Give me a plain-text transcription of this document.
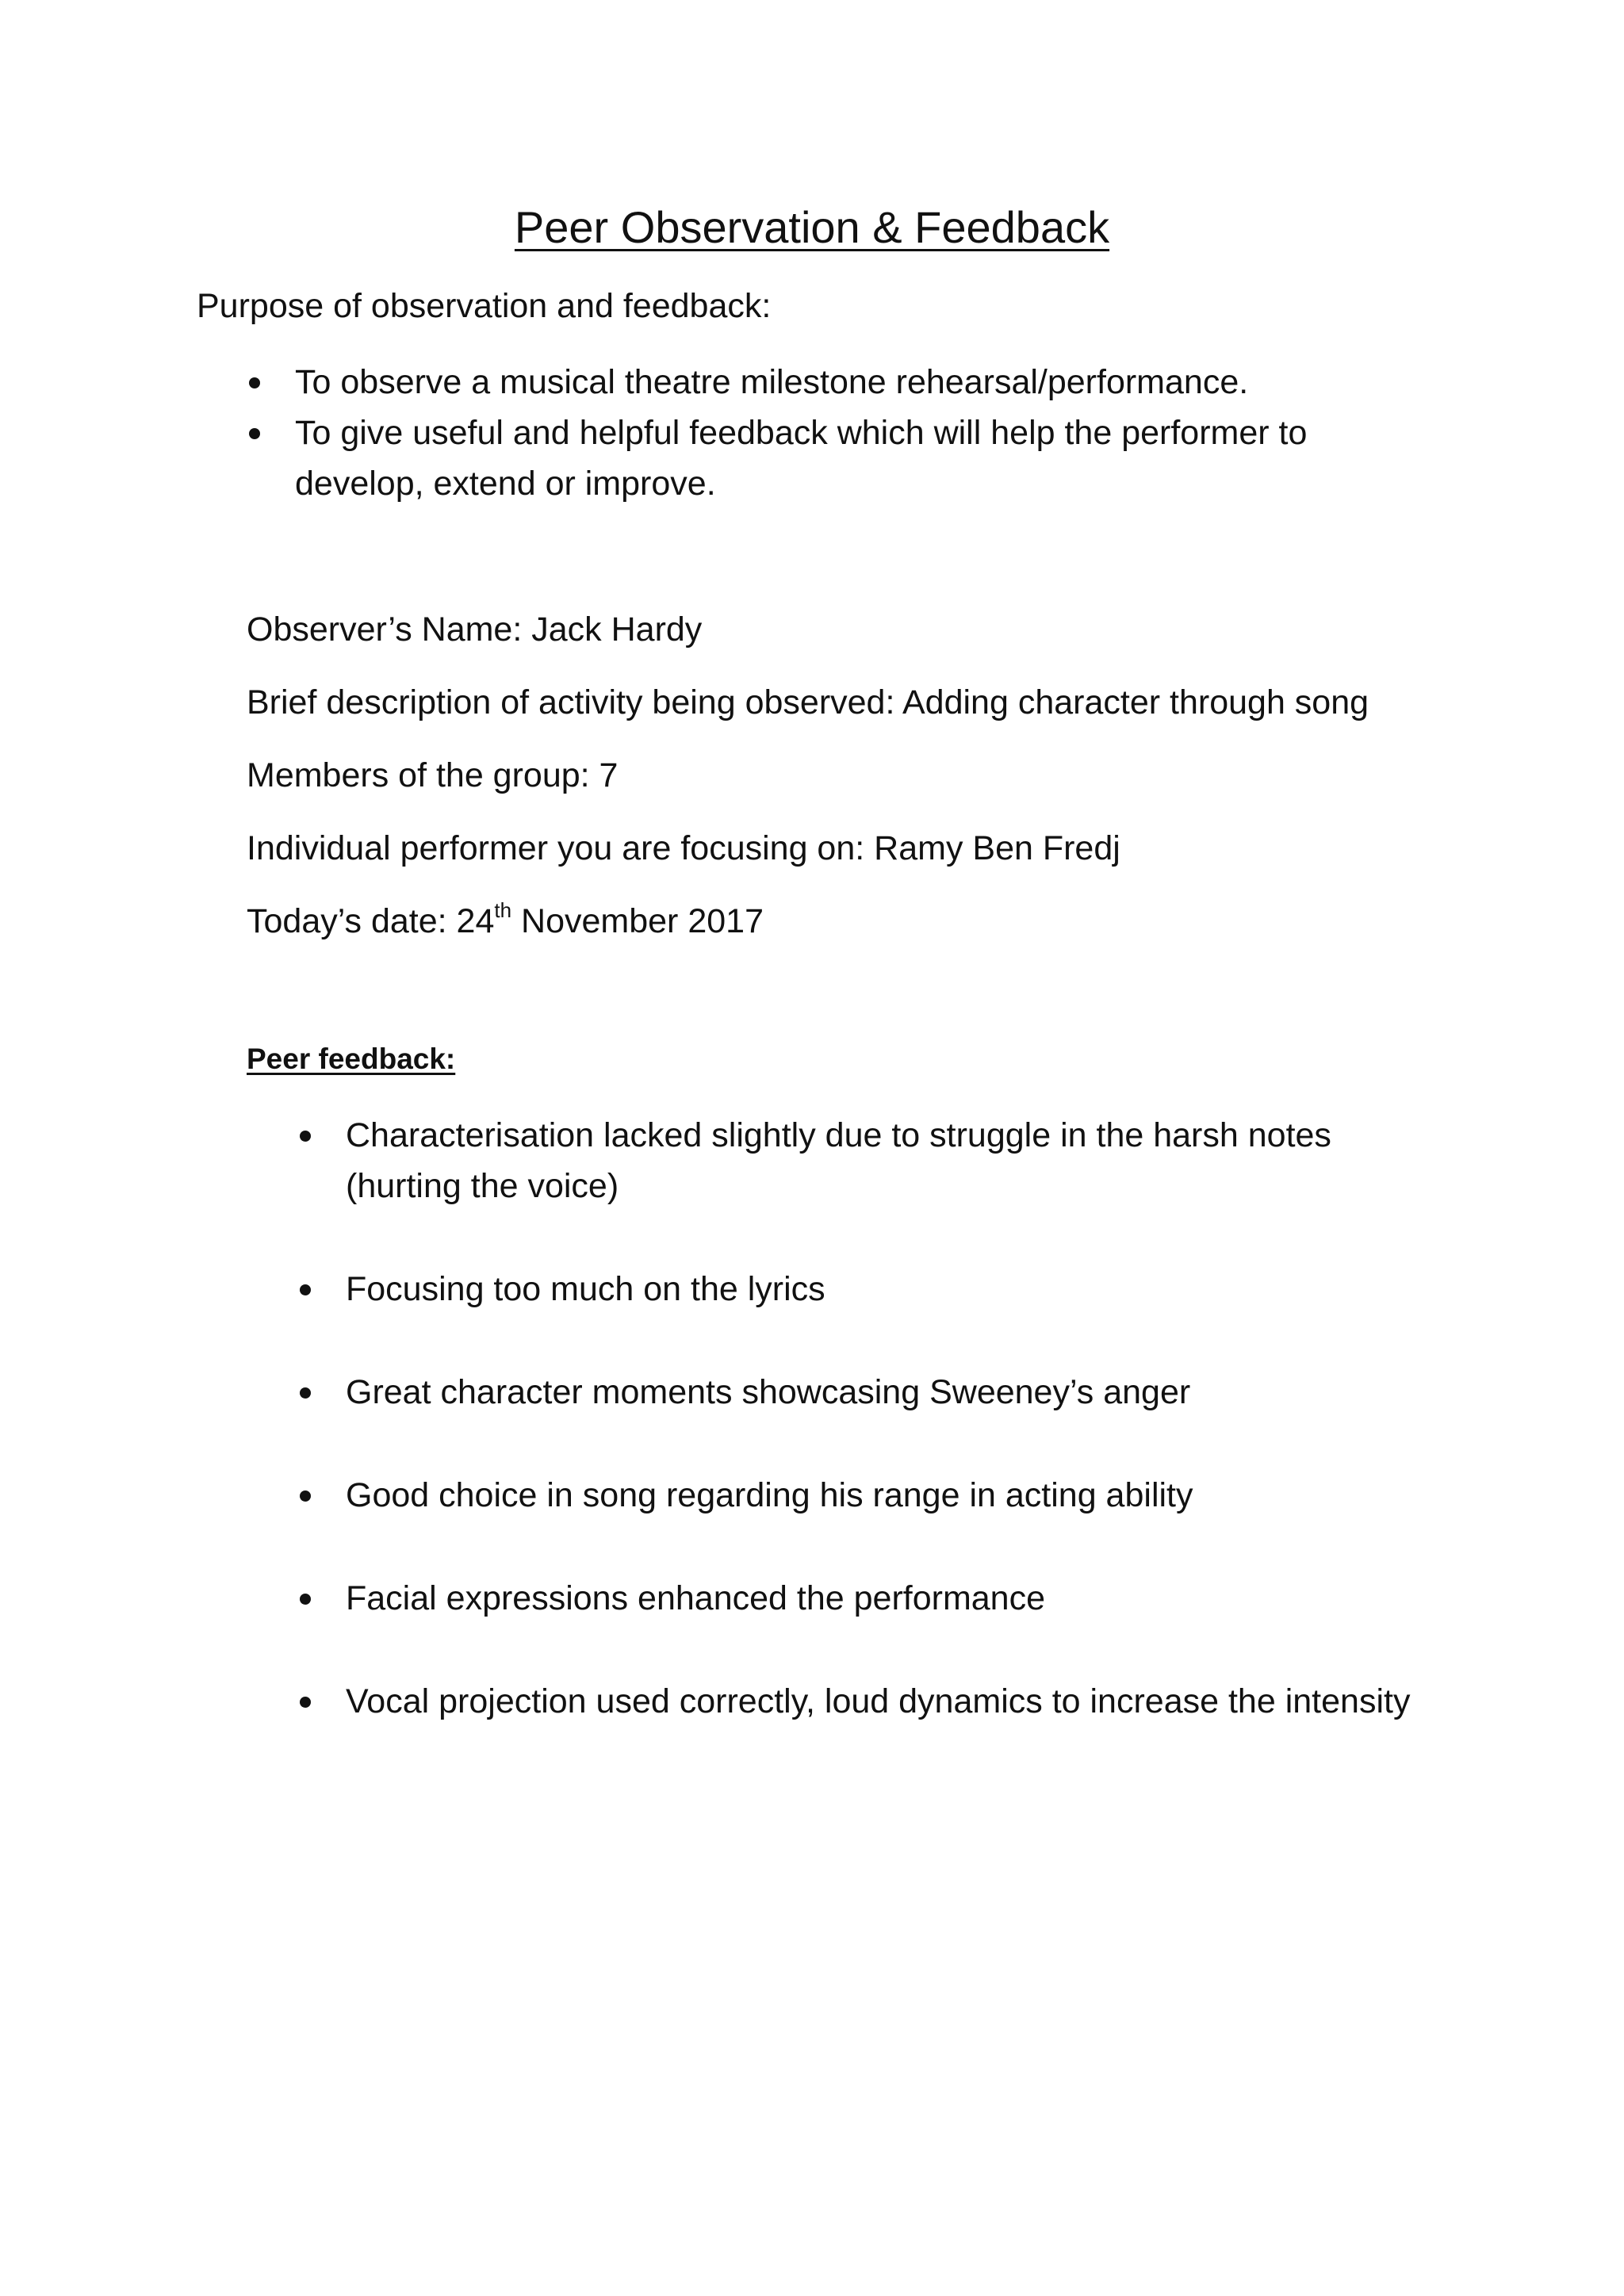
Peer Observation & Feedback
Purpose of observation and feedback:
To observe a musical theatre milestone rehearsal/performance.
To give useful and helpful feedback which will help the performer to develop, extend or improve.
Observer’s Name: Jack Hardy
Brief description of activity being observed: Adding character through song
Members of the group: 7
Individual performer you are focusing on: Ramy Ben Fredj
Today’s date: 24th November 2017
Peer feedback:
Characterisation lacked slightly due to struggle in the harsh notes (hurting the voice)
Focusing too much on the lyrics
Great character moments showcasing Sweeney’s anger
Good choice in song regarding his range in acting ability
Facial expressions enhanced the performance
Vocal projection used correctly, loud dynamics to increase the intensity
